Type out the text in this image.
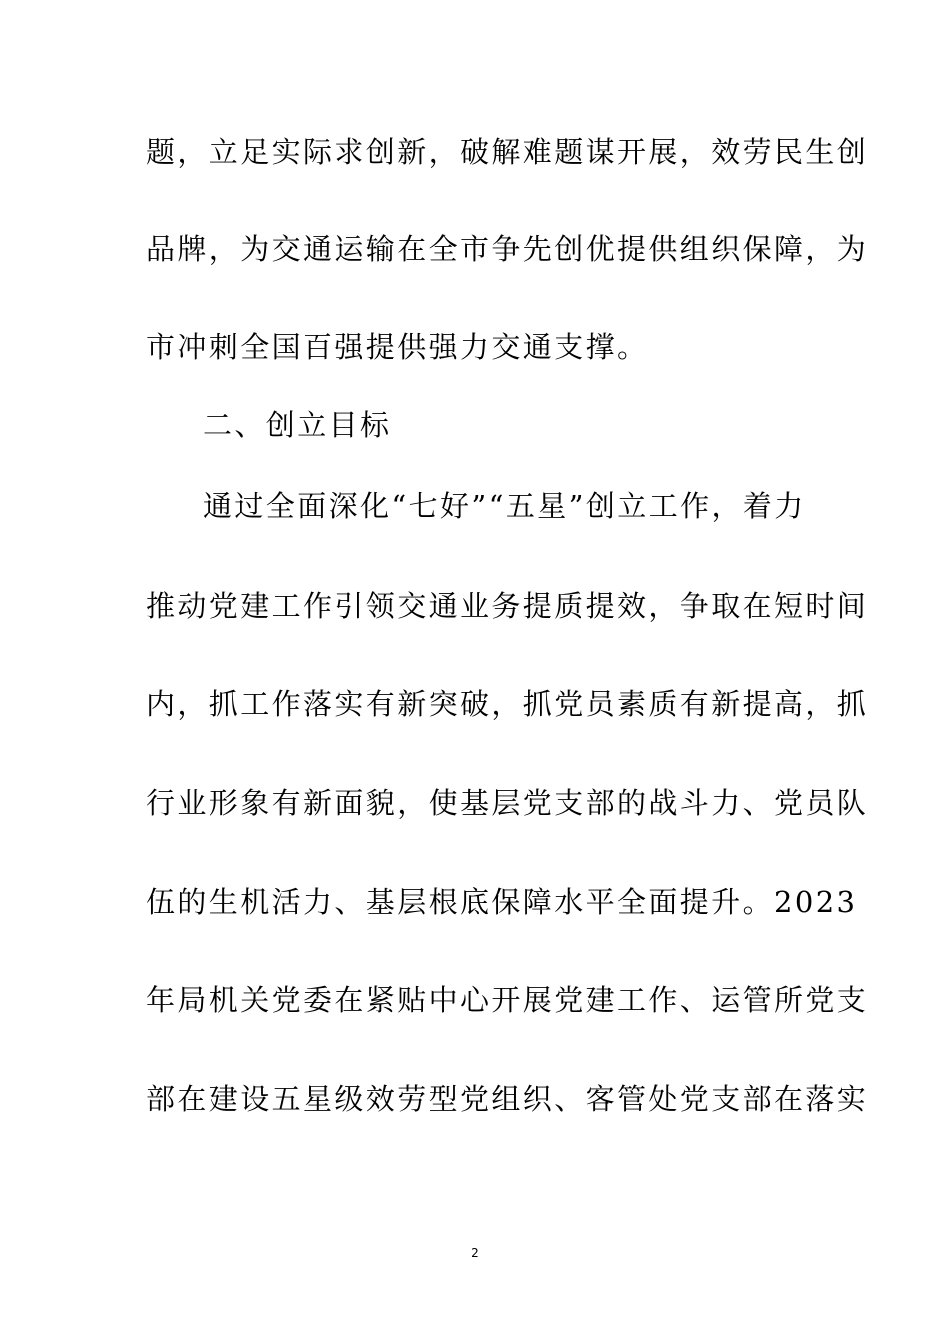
题，立足实际求创新，破解难题谋开展，效劳民生创
品牌，为交通运输在全市争先创优提供组织保障，为
市冲刺全国百强提供强力交通支撑。
二、创立目标
通过全面深化“七好”“五星”创立工作，着力
推动党建工作引领交通业务提质提效，争取在短时间
内，抓工作落实有新突破，抓党员素质有新提高，抓
行业形象有新面貌，使基层党支部的战斗力、党员队
伍的生机活力、基层根底保障水平全面提升。2023
年局机关党委在紧贴中心开展党建工作、运管所党支
部在建设五星级效劳型党组织、客管处党支部在落实
2
